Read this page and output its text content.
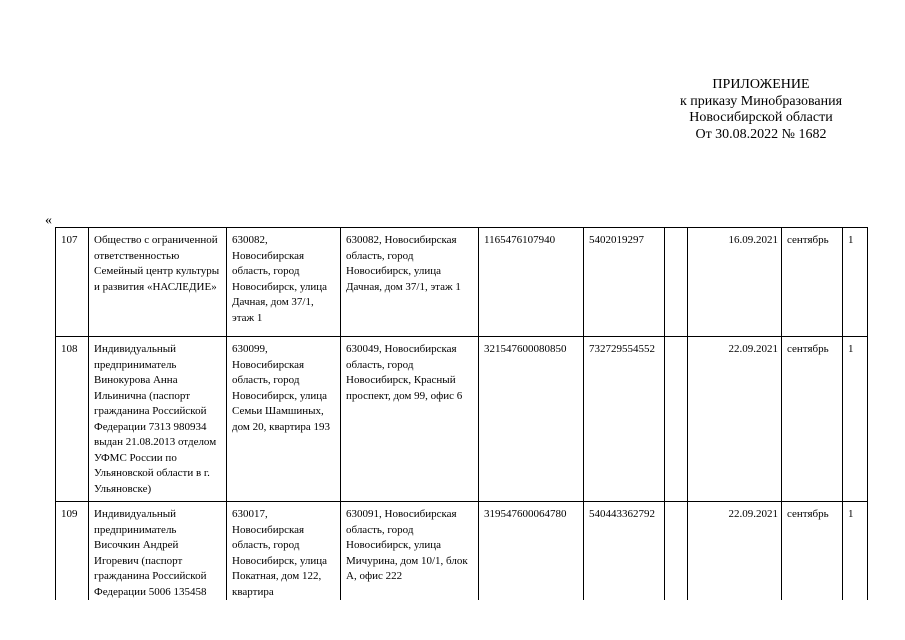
ПРИЛОЖЕНИЕ
к приказу Минобразования
Новосибирской области
От 30.08.2022 № 1682
«
107	Общество с ограниченной ответственностью Семейный центр культуры и развития «НАСЛЕДИЕ»	630082, Новосибирская область, город Новосибирск, улица Дачная, дом 37/1, этаж 1	630082, Новосибирская область, город Новосибирск, улица Дачная, дом 37/1, этаж 1	1165476107940	5402019297		16.09.2021	сентябрь	1
108	Индивидуальный предприниматель Винокурова Анна Ильинична (паспорт гражданина Российской Федерации 7313 980934 выдан 21.08.2013 отделом УФМС России по Ульяновской области в г. Ульяновске)	630099, Новосибирская область, город Новосибирск, улица Семьи Шамшиных, дом 20, квартира 193	630049, Новосибирская область, город Новосибирск, Красный проспект, дом 99, офис 6	321547600080850	732729554552		22.09.2021	сентябрь	1
109	Индивидуальный предприниматель Височкин Андрей Игоревич (паспорт гражданина Российской Федерации 5006 135458	630017, Новосибирская область, город Новосибирск, улица Покатная, дом 122, квартира	630091, Новосибирская область, город Новосибирск, улица Мичурина, дом 10/1, блок А, офис 222	319547600064780	540443362792		22.09.2021	сентябрь	1
